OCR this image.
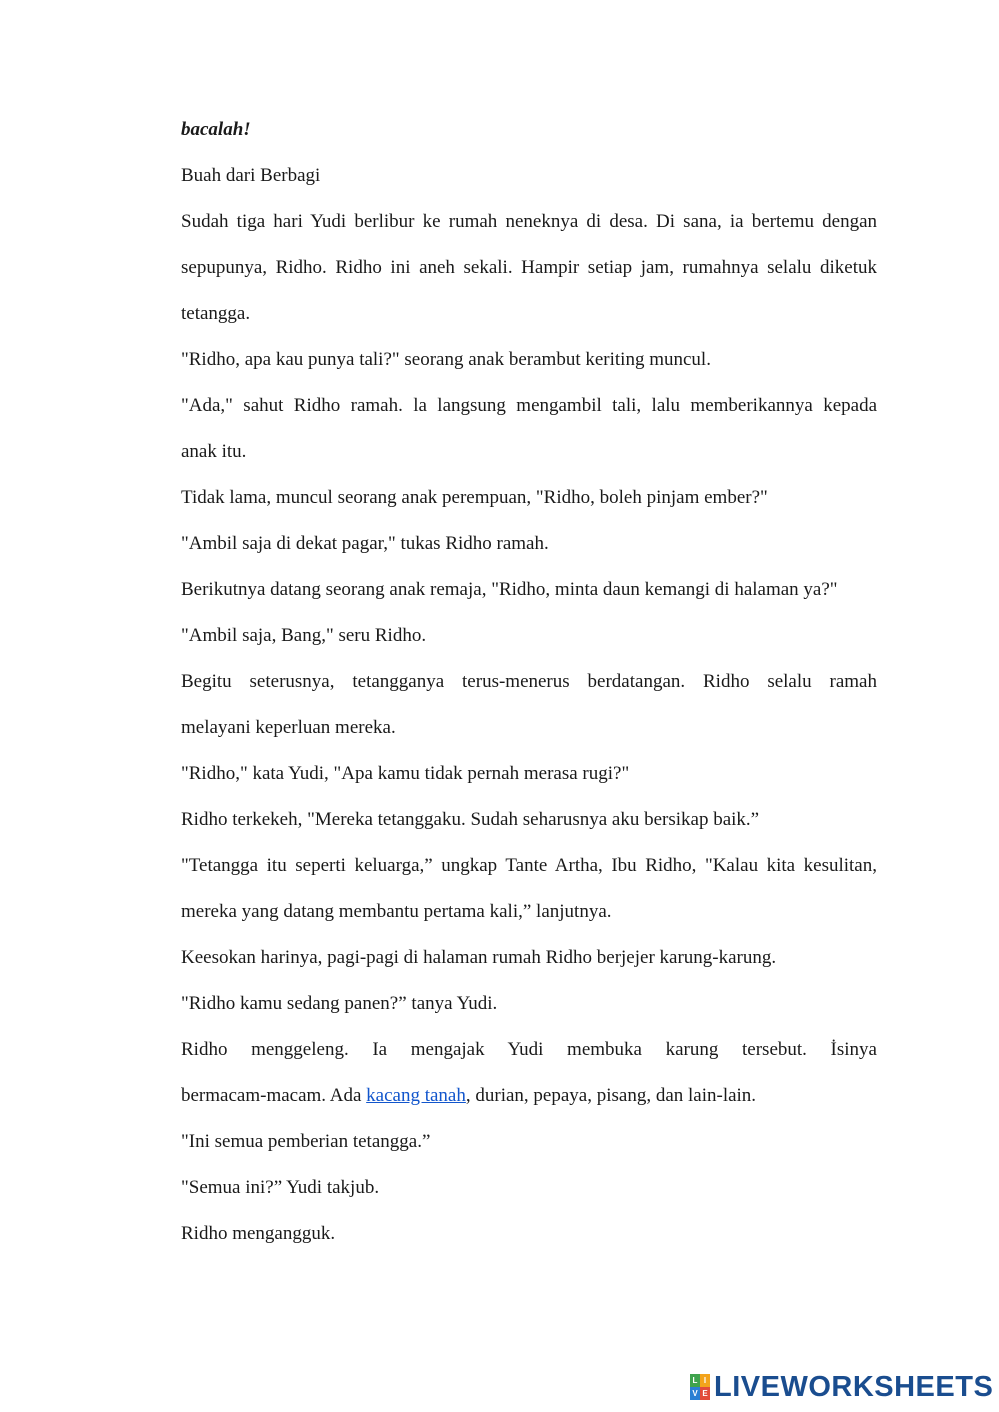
bacalah!

Buah dari Berbagi

Sudah tiga hari Yudi berlibur ke rumah neneknya di desa. Di sana, ia bertemu dengan

sepupunya, Ridho. Ridho ini aneh sekali. Hampir setiap jam, rumahnya selalu diketuk

tetangga.

"Ridho, apa kau punya tali?" seorang anak berambut keriting muncul.

"Ada," sahut Ridho ramah. la langsung mengambil tali, lalu memberikannya kepada

anak itu.

Tidak lama, muncul seorang anak perempuan, "Ridho, boleh pinjam ember?"

"Ambil saja di dekat pagar," tukas Ridho ramah.

Berikutnya datang seorang anak remaja, "Ridho, minta daun kemangi di halaman ya?"

"Ambil saja, Bang," seru Ridho.

Begitu seterusnya, tetangganya terus-menerus berdatangan. Ridho selalu ramah

melayani keperluan mereka.

"Ridho," kata Yudi, "Apa kamu tidak pernah merasa rugi?"

Ridho terkekeh, "Mereka tetanggaku. Sudah seharusnya aku bersikap baik.”

"Tetangga itu seperti keluarga,” ungkap Tante Artha, Ibu Ridho, "Kalau kita kesulitan,

mereka yang datang membantu pertama kali,” lanjutnya.

Keesokan harinya, pagi-pagi di halaman rumah Ridho berjejer karung-karung.

"Ridho kamu sedang panen?” tanya Yudi.

Ridho menggeleng. Ia mengajak Yudi membuka karung tersebut. İsinya

bermacam-macam. Ada kacang tanah, durian, pepaya, pisang, dan lain-lain.

"Ini semua pemberian tetangga.”

"Semua ini?” Yudi takjub.

Ridho mengangguk.

L I
V E LIVEWORKSHEETS
